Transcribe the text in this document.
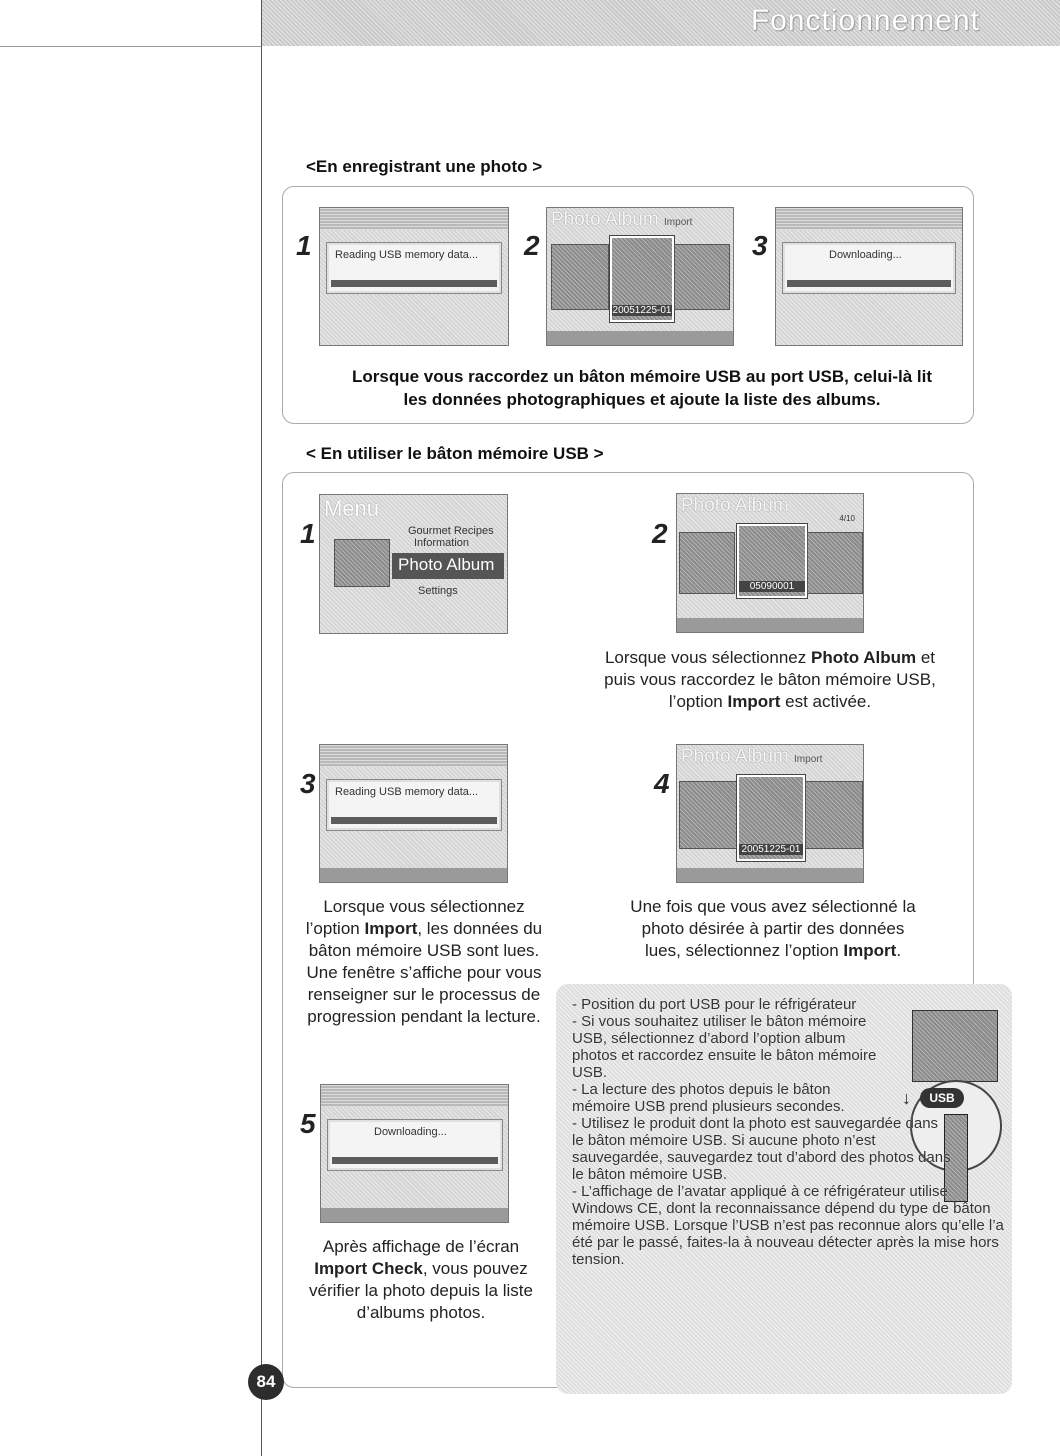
Fonctionnement
<En enregistrant une photo >
1 Reading USB memory data... 2
Photo Album Import
20051225-01
3	Downloading...
Lorsque vous raccordez un bâton mémoire USB au port USB, celui-là lit
les données photographiques et ajoute la liste des albums.
< En utiliser le bâton mémoire USB >
1
Menu
Gourmet Recipes
Information
Photo Album
Settings
2
Photo Album
4/10
05090001
Lorsque vous sélectionnez Photo Album et
puis vous raccordez le bâton mémoire USB,
l’option Import est activée.
3 Reading USB memory data...
Lorsque vous sélectionnez
l’option Import, les données du
bâton mémoire USB sont lues.
Une fenêtre s’affiche pour vous
renseigner sur le processus de
progression pendant la lecture.
4
Photo Album Import
20051225-01
Une fois que vous avez sélectionné la
photo désirée à partir des données
lues, sélectionnez l’option Import.
5	Downloading...
Après affichage de l’écran
Import Check, vous pouvez
vérifier la photo depuis la liste
d’albums photos.
↓	USB

- Position du port USB pour le réfrigérateur

- Si vous souhaitez utiliser le bâton mémoire USB, sélectionnez d’abord l’option album photos et raccordez ensuite le bâton mémoire USB.

- La lecture des photos depuis le bâton mémoire USB prend plusieurs secondes.

- Utilisez le produit dont la photo est sauvegardée dans le bâton mémoire USB. Si aucune photo n’est sauvegardée, sauvegardez tout d’abord des photos dans le bâton mémoire USB.

- L’affichage de l’avatar appliqué à ce réfrigérateur utilise Windows CE, dont la reconnaissance dépend du type de bâton mémoire USB. Lorsque l’USB n’est pas reconnue alors qu’elle l’a été par le passé, faites-la à nouveau détecter après la mise hors tension.

84
